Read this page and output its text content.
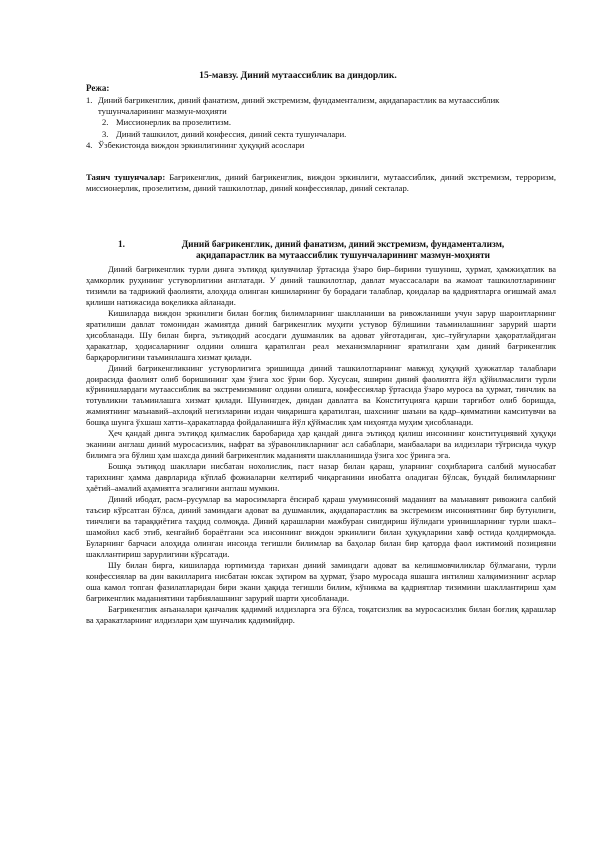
15-мавзу. Диний мутаассиблик ва диндорлик.
Режа:
1. Диний бағрикенглик, диний фанатизм, диний экстремизм, фундаментализм, ақидапарастлик ва мутаассиблик тушунчаларининг мазмун-моҳияти
2. Миссионерлик ва прозелитизм.
3. Диний ташкилот, диний конфессия, диний секта тушунчалари.
4. Ўзбекистонда виждон эркинлигининг ҳуқуқий асослари
Таянч тушунчалар: Бағрикенглик, диний бағрикенглик, виждон эркинлиги, мутаассиблик, диний экстремизм, терроризм, миссионерлик, прозелитизм, диний ташкилотлар, диний конфессиялар, диний секталар.
1.	Диний бағрикенглик, диний фанатизм, диний экстремизм, фундаментализм, ақидапарастлик ва мутаассиблик тушунчаларининг мазмун-моҳияти

Диний бағрикенглик турли динга эътиқод қилувчилар ўртасида ўзаро бир–бирини тушуниш, ҳурмат, ҳамжиҳатлик ва ҳамкорлик руҳининг устуворлигини англатади. У диний ташкилотлар, давлат муассасалари ва жамоат ташкилотларининг тизимли ва тадрижий фаолияти, алоҳида олинган кишиларнинг бу борадаги талаблар, қоидалар ва қадриятларга оғишмай амал қилиши натижасида воқеликка айланади.

Кишиларда виждон эркинлиги билан боғлиқ билимларнинг шаклланиши ва ривожланиши учун зарур шароитларнинг яратилиши давлат томонидан жамиятда диний бағрикенглик муҳити устувор бўлишини таъминлашнинг зарурий шарти ҳисобланади. Шу билан бирга, эътиқодий асосдаги душманлик ва адоват уйғотадиган, ҳис–туйғуларни ҳақоратлайдиган ҳаракатлар, ҳодисаларнинг олдини олишга қаратилган реал механизмларнинг яратилгани ҳам диний бағрикенглик барқарорлигини таъминлашга хизмат қилади.

Диний бағрикенгликнинг устуворлигига эришишда диний ташкилотларнинг мавжуд ҳуқуқий ҳужжатлар талаблари доирасида фаолият олиб боришининг ҳам ўзига хос ўрни бор. Хусусан, яширин диний фаолиятга йўл қўйилмаслиги турли кўринишлардаги мутаассиблик ва экстремизмнинг олдини олишга, конфессиялар ўртасида ўзаро муроса ва ҳурмат, тинчлик ва тотувликни таъминлашга хизмат қилади. Шунингдек, диндан давлатга ва Конституцияга қарши тарғибот олиб боришда, жамиятнинг маънавий–ахлоқий негизларини издан чиқаришга қаратилган, шахснинг шаъни ва қадр–қимматини камситувчи ва бошқа шунга ўхшаш хатти–ҳаракатларда фойдаланишга йўл қўймаслик ҳам ниҳоятда муҳим ҳисобланади.

Ҳеч қандай динга эътиқод қилмаслик баробарида ҳар қандай динга эътиқод қилиш инсоннинг конституциявий ҳуқуқи эканини англаш диний муросасизлик, нафрат ва зўравонликларнинг асл сабаблари, манбаалари ва илдизлари тўғрисида чуқур билимга эга бўлиш ҳам шахсда диний бағрикенглик маданияти шаклланишида ўзига хос ўринга эга.

Бошқа эътиқод шакллари нисбатан нохолислик, паст назар билан қараш, уларнинг соҳибларига салбий муносабат тарихнинг ҳамма даврларида кўплаб фожиаларни келтириб чиқарганини инобатга оладиган бўлсак, бундай билимларнинг ҳаётий–амалий аҳамиятга эгалигини англаш мумкин.

Диний ибодат, расм–русумлар ва маросимларга ёпсираб қараш умуминсоний маданият ва маънавият ривожига салбий таъсир кўрсатган бўлса, диний заминдаги адоват ва душманлик, ақидапарастлик ва экстремизм инсониятнинг бир бутунлиги, тинчлиги ва тараққиётига таҳдид солмоқда. Диний қарашларни мажбуран сингдириш йўлидаги уринишларнинг турли шакл–шамойил касб этиб, кенгайиб бораётгани эса инсоннинг виждон эркинлиги билан ҳуқуқларини хавф остида қолдирмоқда. Буларнинг барчаси алоҳида олинган инсонда тегишли билимлар ва баҳолар билан бир қаторда фаол ижтимоий позицияни шакллантириш зарурлигини кўрсатади.

Шу билан бирга, кишиларда юртимизда тарихан диний заминдаги адоват ва келишмовчиликлар бўлмагани, турли конфессиялар ва дин вакилларига нисбатан юксак эҳтиром ва ҳурмат, ўзаро муросада яшашга интилиш халқимизнинг асрлар оша камол топган фазилатларидан бири экани ҳақида тегишли билим, кўникма ва қадриятлар тизимини шакллантириш ҳам бағрикенглик маданиятини тарбиялашнинг зарурий шарти ҳисобланади.

Бағрикенглик анъаналари қанчалик қадимий илдизларга эга бўлса, тоқатсизлик ва муросасизлик билан боғлиқ қарашлар ва ҳаракатларнинг илдизлари ҳам шунчалик қадимийдир.
